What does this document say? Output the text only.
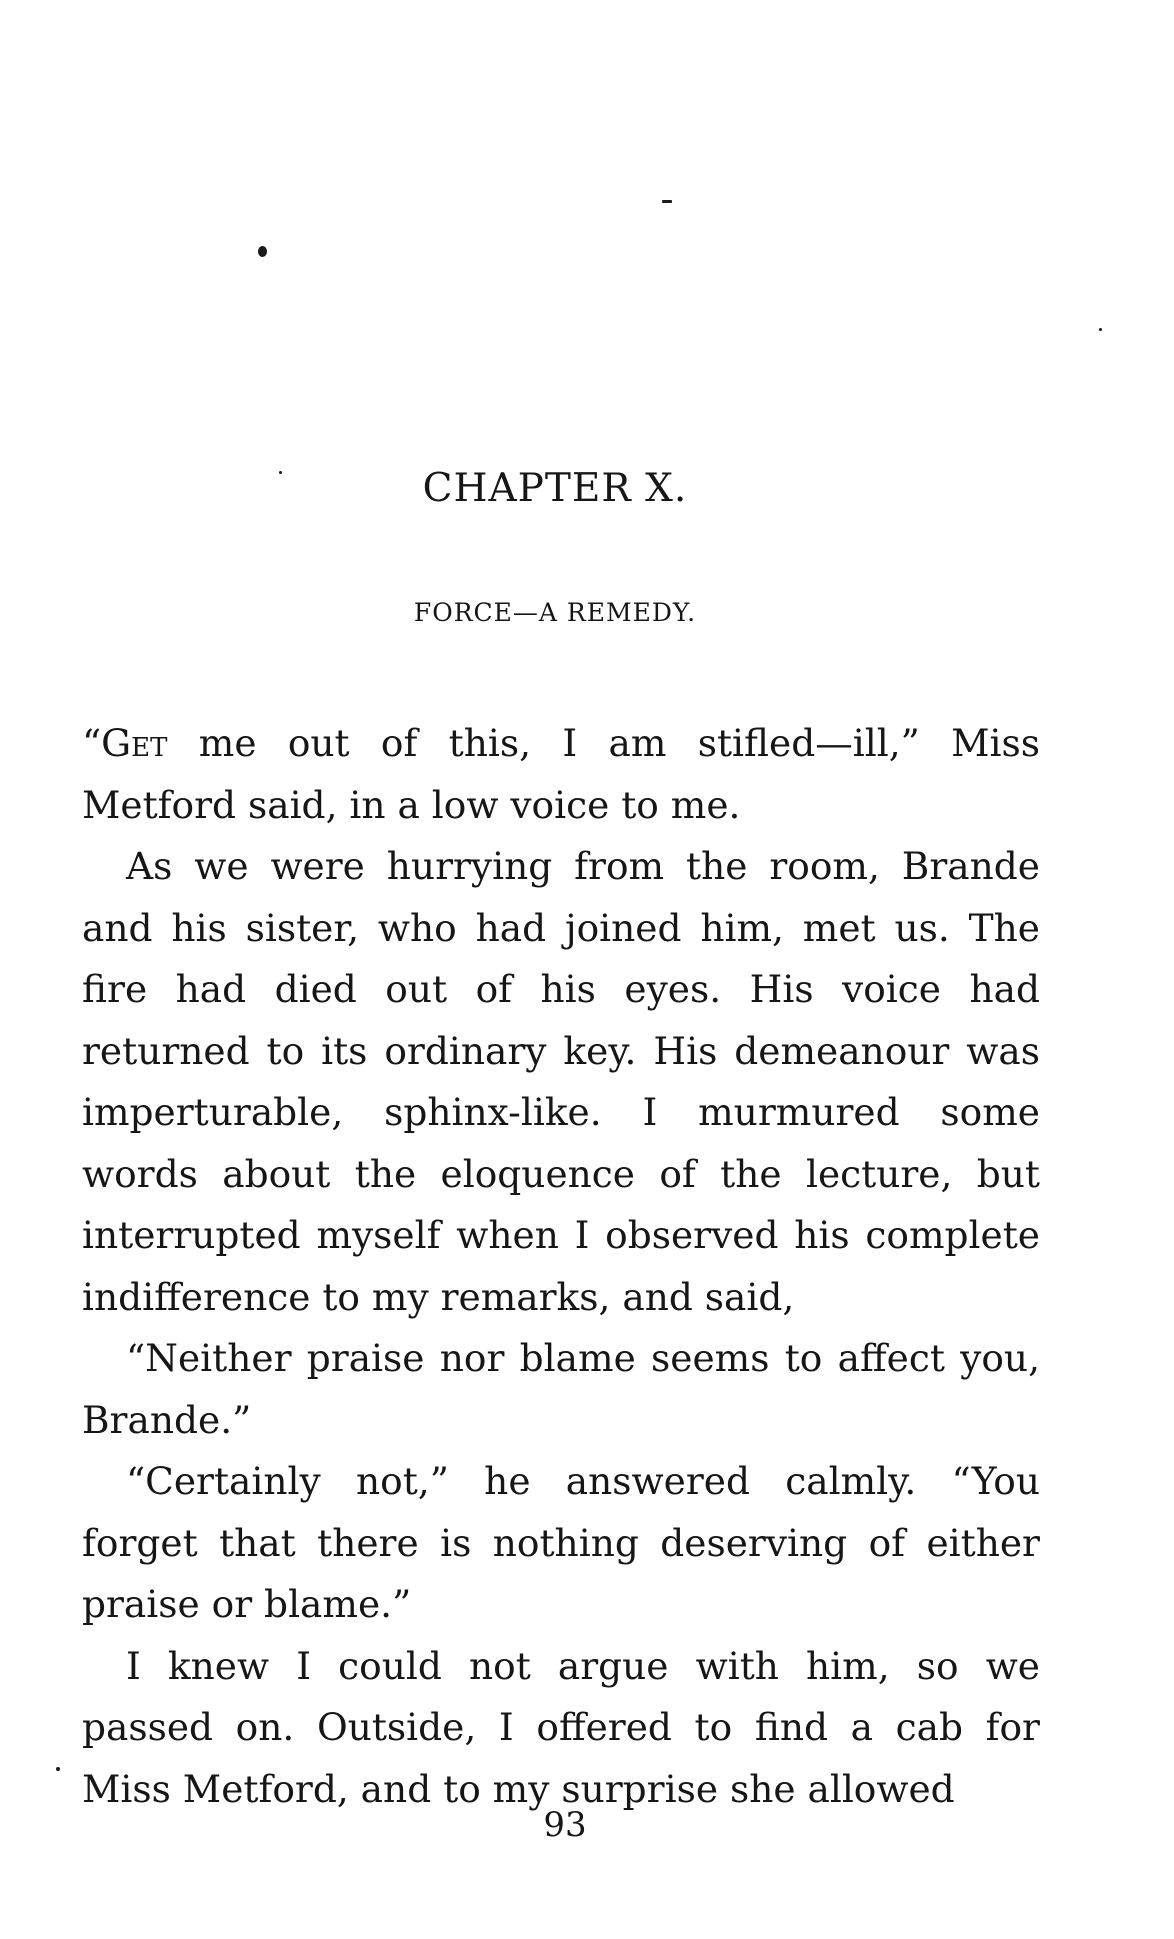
CHAPTER X.
FORCE—A REMEDY.

“Get me out of this, I am stifled—ill,” Miss Metford said, in a low voice to me.

As we were hurrying from the room, Brande and his sister, who had joined him, met us. The fire had died out of his eyes. His voice had returned to its ordinary key. His demeanour was imperturable, sphinx-like. I murmured some words about the eloquence of the lecture, but interrupted myself when I observed his complete indifference to my remarks, and said,

“Neither praise nor blame seems to affect you, Brande.”

“Certainly not,” he answered calmly. “You forget that there is nothing deserving of either praise or blame.”

I knew I could not argue with him, so we passed on. Outside, I offered to find a cab for Miss Metford, and to my surprise she allowed

93
